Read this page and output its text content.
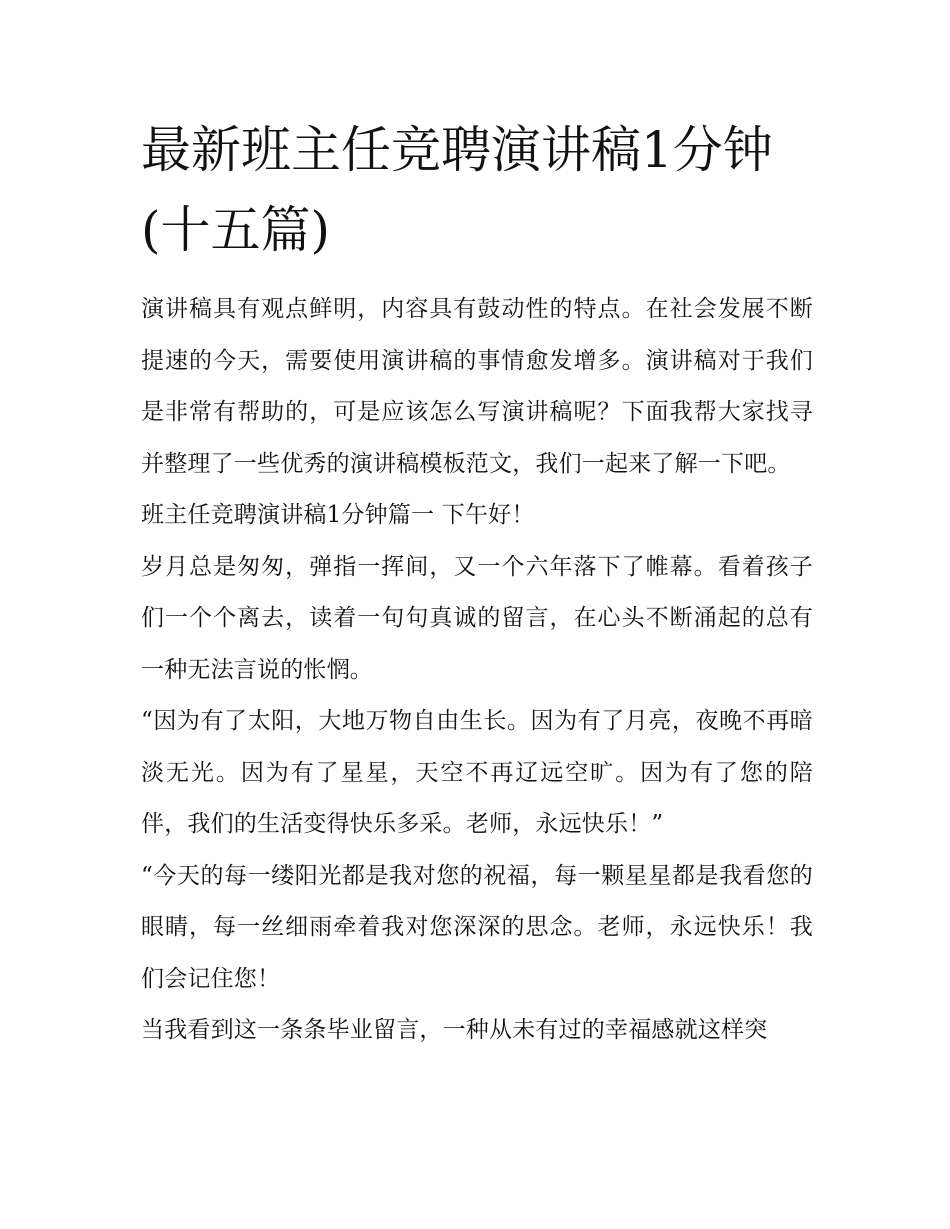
最新班主任竞聘演讲稿1分钟(十五篇)

演讲稿具有观点鲜明，内容具有鼓动性的特点。在社会发展不断提速的今天，需要使用演讲稿的事情愈发增多。演讲稿对于我们是非常有帮助的，可是应该怎么写演讲稿呢？下面我帮大家找寻并整理了一些优秀的演讲稿模板范文，我们一起来了解一下吧。

班主任竞聘演讲稿1分钟篇一 下午好！

岁月总是匆匆，弹指一挥间，又一个六年落下了帷幕。看着孩子们一个个离去，读着一句句真诚的留言，在心头不断涌起的总有一种无法言说的怅惘。

“因为有了太阳，大地万物自由生长。因为有了月亮，夜晚不再暗淡无光。因为有了星星，天空不再辽远空旷。因为有了您的陪伴，我们的生活变得快乐多采。老师，永远快乐！”

“今天的每一缕阳光都是我对您的祝福，每一颗星星都是我看您的眼睛，每一丝细雨牵着我对您深深的思念。老师，永远快乐！我们会记住您！

当我看到这一条条毕业留言，一种从未有过的幸福感就这样突
